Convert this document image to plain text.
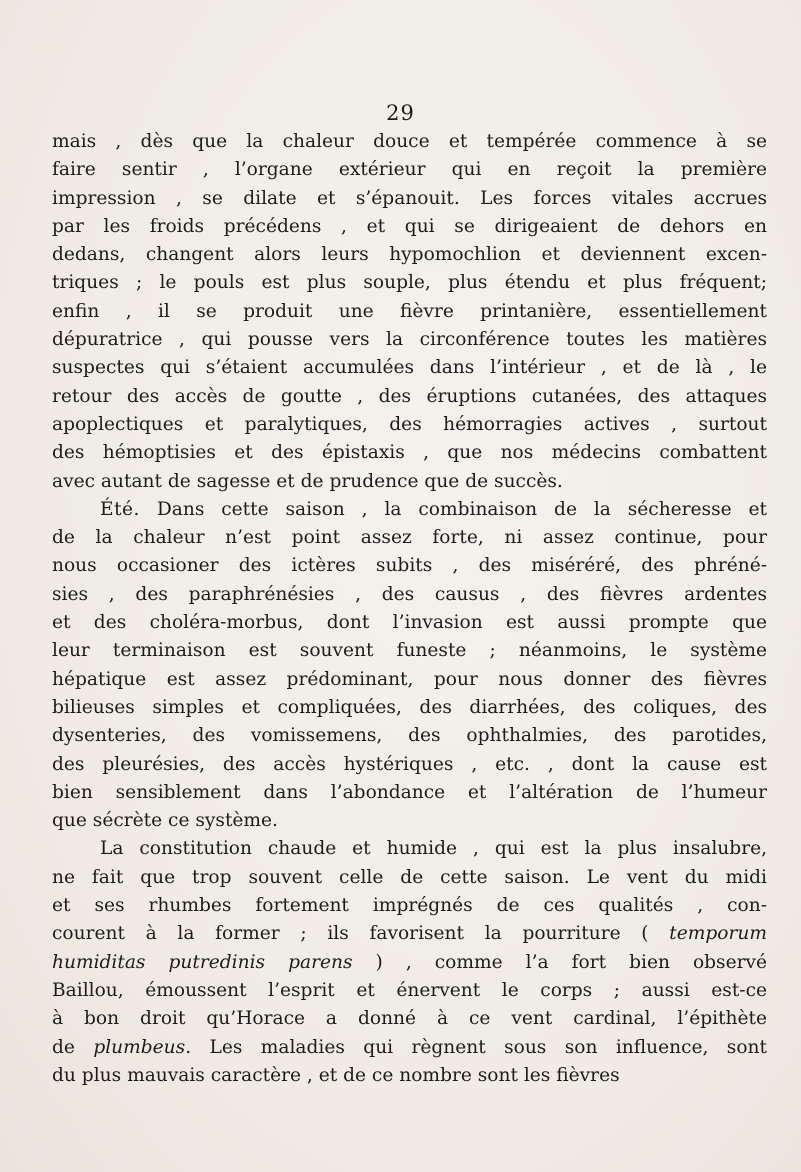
29
mais , dès que la chaleur douce et tempérée commence à se
faire sentir , l’organe extérieur qui en reçoit la première
impression , se dilate et s’épanouit. Les forces vitales accrues
par les froids précédens , et qui se dirigeaient de dehors en
dedans, changent alors leurs hypomochlion et deviennent excen-
triques ; le pouls est plus souple, plus étendu et plus fréquent;
enfin , il se produit une fièvre printanière, essentiellement
dépuratrice , qui pousse vers la circonférence toutes les matières
suspectes qui s’étaient accumulées dans l’intérieur , et de là , le
retour des accès de goutte , des éruptions cutanées, des attaques
apoplectiques et paralytiques, des hémorragies actives , surtout
des hémoptisies et des épistaxis , que nos médecins combattent
avec autant de sagesse et de prudence que de succès.
Été. Dans cette saison , la combinaison de la sécheresse et
de la chaleur n’est point assez forte, ni assez continue, pour
nous occasioner des ictères subits , des miséréré, des phréné-
sies , des paraphrénésies , des causus , des fièvres ardentes
et des choléra-morbus, dont l’invasion est aussi prompte que
leur terminaison est souvent funeste ; néanmoins, le système
hépatique est assez prédominant, pour nous donner des fièvres
bilieuses simples et compliquées, des diarrhées, des coliques, des
dysenteries, des vomissemens, des ophthalmies, des parotides,
des pleurésies, des accès hystériques , etc. , dont la cause est
bien sensiblement dans l’abondance et l’altération de l’humeur
que sécrète ce système.
La constitution chaude et humide , qui est la plus insalubre,
ne fait que trop souvent celle de cette saison. Le vent du midi
et ses rhumbes fortement imprégnés de ces qualités , con-
courent à la former ; ils favorisent la pourriture ( temporum
humiditas putredinis parens ) , comme l’a fort bien observé
Baillou, émoussent l’esprit et énervent le corps ; aussi est-ce
à bon droit qu’Horace a donné à ce vent cardinal, l’épithète
de plumbeus. Les maladies qui règnent sous son influence, sont
du plus mauvais caractère , et de ce nombre sont les fièvres
